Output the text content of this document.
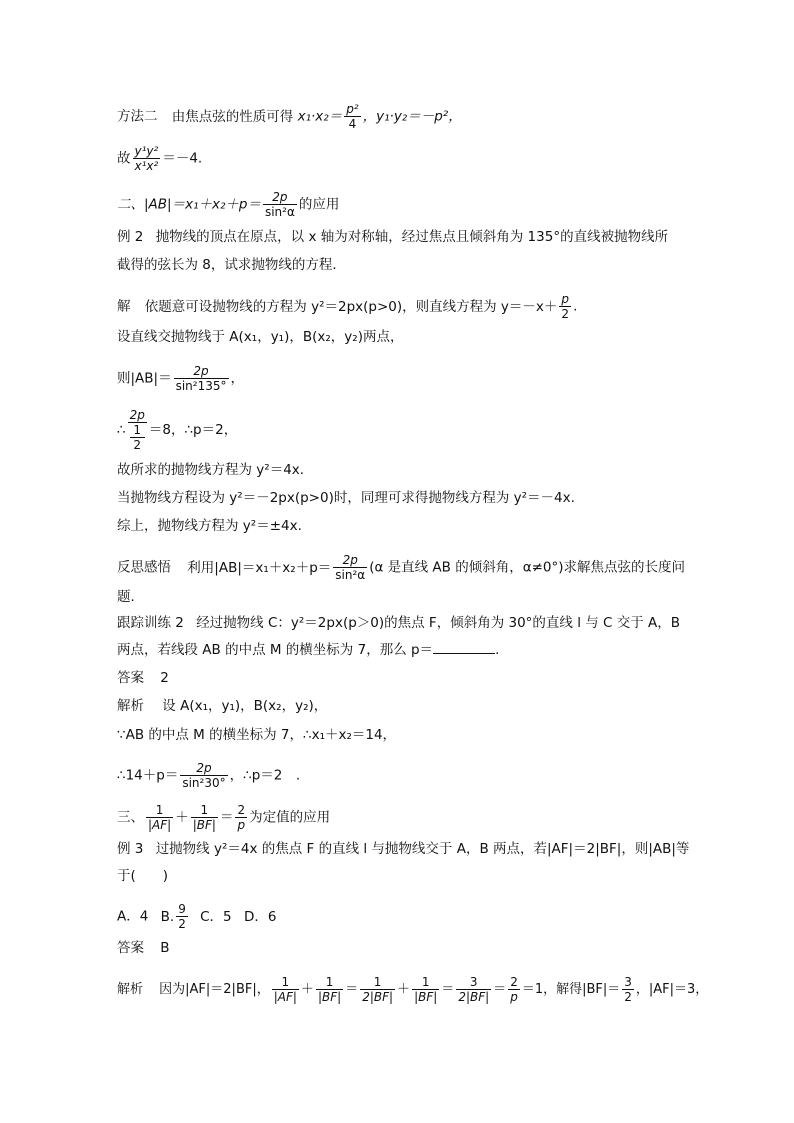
方法二 由焦点弦的性质可得 $x_1\cdot x_2= \frac{\text{p²}}{4}$ ，y₁·y₂＝－p²，
故 $\frac{\text{y¹y²}}{\text{x¹x²}} =-4$.
二、$|AB|=x_1+x_2+p= \frac{2p}{\text{sin²α}}$ 的应用
例 2 抛物线的顶点在原点，以 x 轴为对称轴，经过焦点且倾斜角为 135°的直线被抛物线所
截得的弦长为 8，试求抛物线的方程．
解 依题意可设抛物线的方程为 y²＝2px(p>0)，则直线方程为 $y=-x+ \frac{p}{2}$ .
设直线交抛物线于 A(x₁，y₁)，B(x₂，y₂)两点，
则$|AB|= \frac{2p}{\text{sin²135°}}$ ，
∴ 2p
1
2 ＝8，∴p＝2，
故所求的抛物线方程为 y²＝4x.
当抛物线方程设为 y²＝－2px(p>0)时，同理可求得抛物线方程为 y²＝－4x.
综上，抛物线方程为 y²＝±4x.
反思感悟 利用$|AB|=x_1+x_2+p= \frac{2p}{\text{sin²α}} (\alpha$ 是直线 AB 的倾斜角，α≠0°)求解焦点弦的长度问
题．
跟踪训练 2 经过抛物线 C：y²＝2px(p＞0)的焦点 F，倾斜角为 30°的直线 l 与 C 交于 A，B
两点，若线段 AB 的中点 M 的横坐标为 7，那么 p＝	.
答案 2
解析 设 A(x₁，y₁)，B(x₂，y₂)，
∵AB 的中点 M 的横坐标为 7，∴x₁＋x₂＝14，
∴14＋p＝ $\frac{2p}{\text{sin²30°}}$ ，∴p＝2　.
三、 $\frac{1}{|AF|} + \frac{1}{|BF|} = \frac{2}{p}$ 为定值的应用
例 3 过抛物线 y²＝4x 的焦点 F 的直线 l 与抛物线交于 A，B 两点，若|AF|＝2|BF|，则|AB|等
于(　　)
A．4 B. $\frac{9}{2}$ C．5 D．6
答案 B
解析 因为|AF|＝2|BF|， $\frac{1}{|AF|} + \frac{1}{|BF|} = \frac{1}{2|BF|} + \frac{1}{|BF|} = \frac{3}{2|BF|} = \frac{2}{p} =1$，解得$|BF|= \frac{3}{2}$ ，|AF|＝3，
